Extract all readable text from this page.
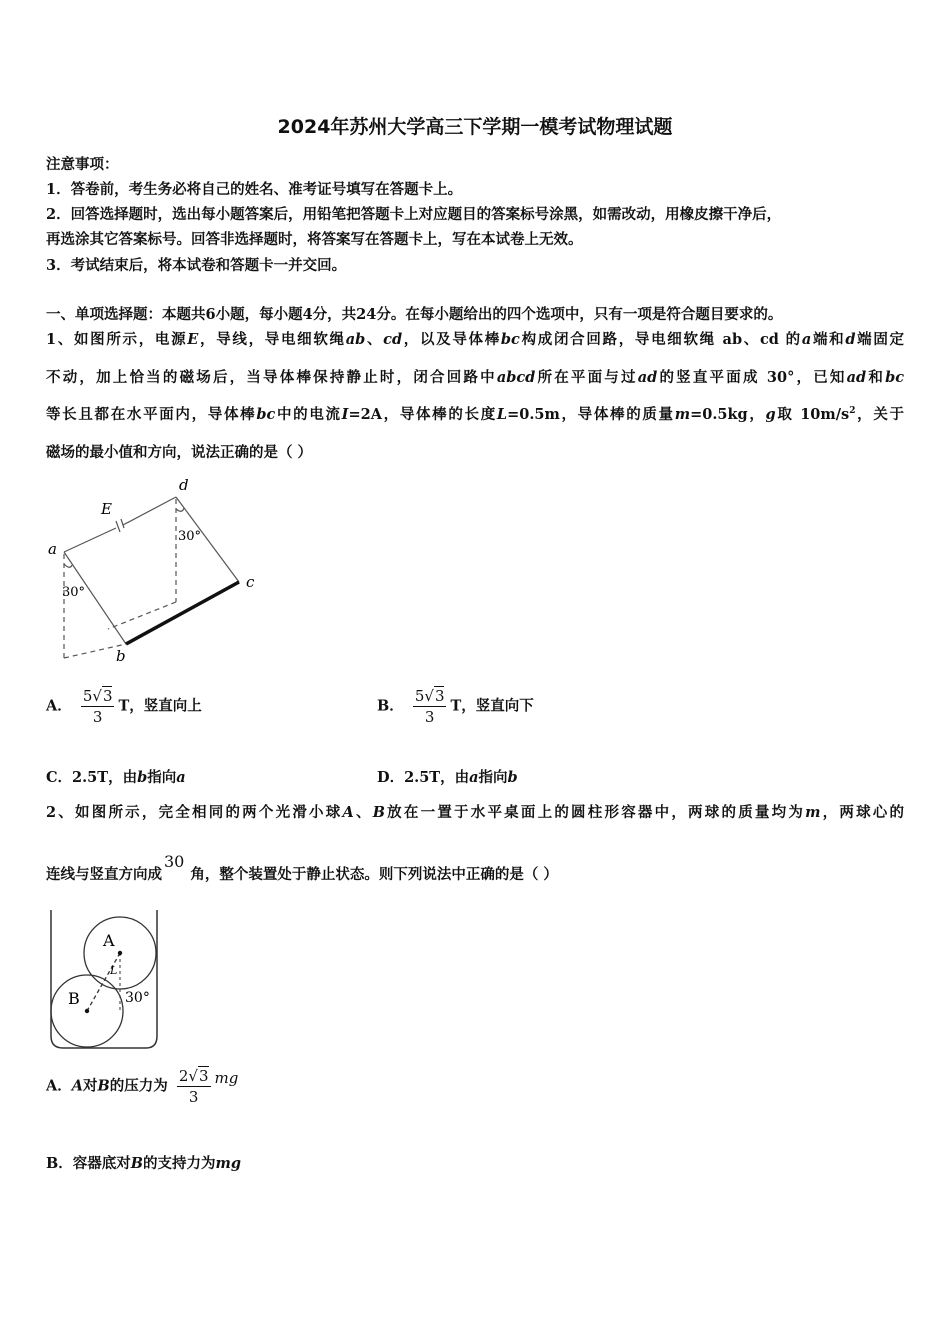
2024年苏州大学高三下学期一模考试物理试题
注意事项：
1．答卷前，考生务必将自己的姓名、准考证号填写在答题卡上。
2．回答选择题时，选出每小题答案后，用铅笔把答题卡上对应题目的答案标号涂黑，如需改动，用橡皮擦干净后，
再选涂其它答案标号。回答非选择题时，将答案写在答题卡上，写在本试卷上无效。
3．考试结束后，将本试卷和答题卡一并交回。
一、单项选择题：本题共6小题，每小题4分，共24分。在每小题给出的四个选项中，只有一项是符合题目要求的。
1、如图所示，电源E，导线，导电细软绳ab、cd，以及导体棒bc构成闭合回路，导电细软绳 ab、cd 的a端和d端固定
不动，加上恰当的磁场后，当导体棒保持静止时，闭合回路中abcd所在平面与过ad的竖直平面成 30°，已知ad和bc
等长且都在水平面内，导体棒bc中的电流I=2A，导体棒的长度L=0.5m，导体棒的质量m=0.5kg，g取 $10m/s^2$，关于
磁场的最小值和方向，说法正确的是（ ）
E
a
d
c
b
30°
30°
A． $\frac{5√3}{3}$ T，竖直向上	B． $\frac{5√3}{3}$ T，竖直向下
C．2.5T，由b指向a	D．2.5T，由a指向b
2、如图所示，完全相同的两个光滑小球A、B放在一置于水平桌面上的圆柱形容器中，两球的质量均为m，两球心的
连线与竖直方向成30角，整个装置处于静止状态。则下列说法中正确的是（ ）
A
B
L
30°
A．A对B的压力为 $\frac{2√3}{3}$ mg
B．容器底对B的支持力为mg
